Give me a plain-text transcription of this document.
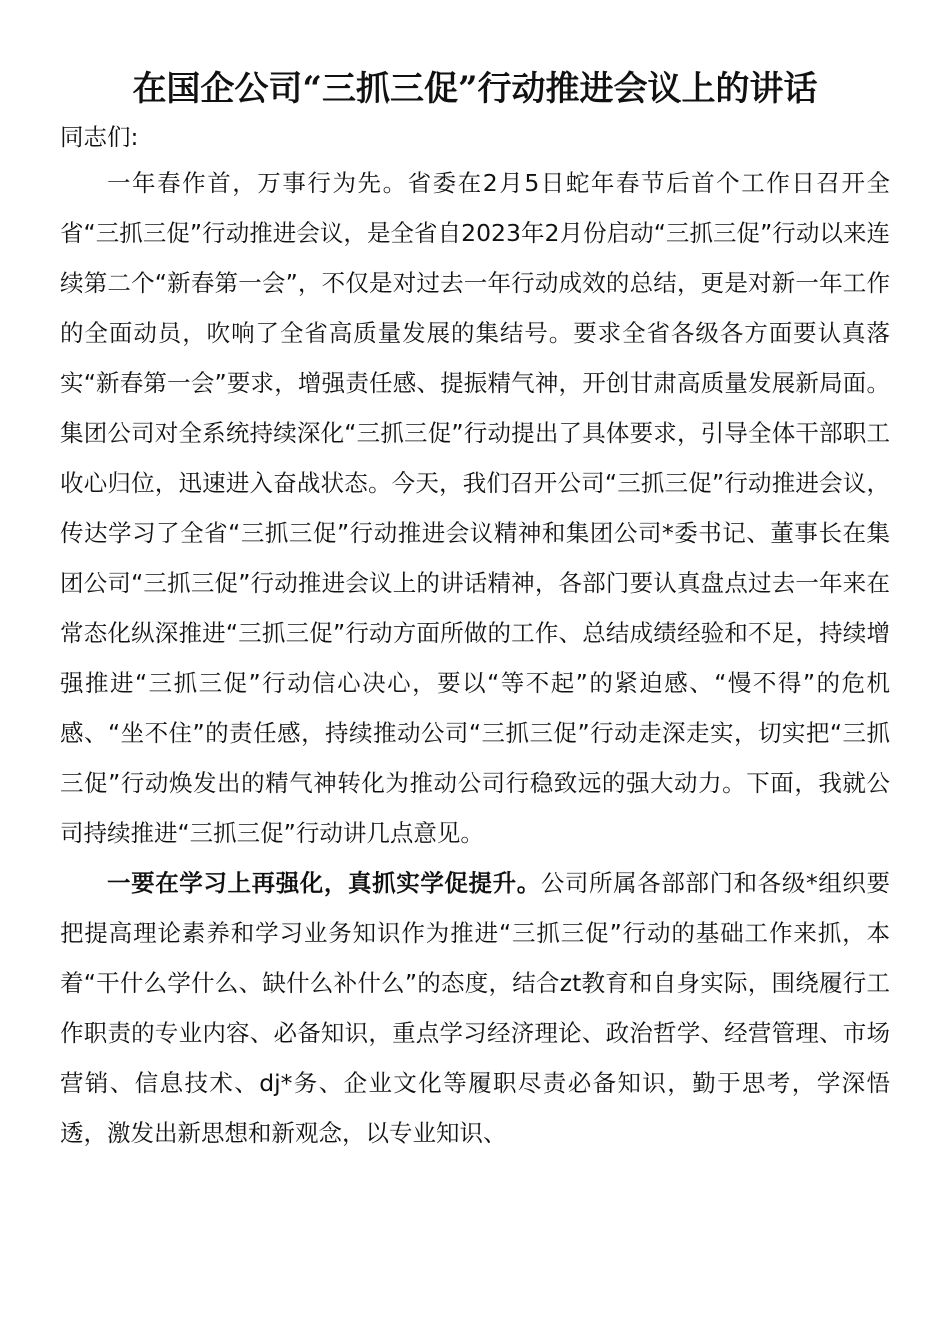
在国企公司“三抓三促”行动推进会议上的讲话

同志们:

一年春作首，万事行为先。省委在2月5日蛇年春节后首个工作日召开全省“三抓三促”行动推进会议，是全省自2023年2月份启动“三抓三促”行动以来连续第二个“新春第一会”，不仅是对过去一年行动成效的总结，更是对新一年工作的全面动员，吹响了全省高质量发展的集结号。要求全省各级各方面要认真落实“新春第一会”要求，增强责任感、提振精气神，开创甘肃高质量发展新局面。集团公司对全系统持续深化“三抓三促”行动提出了具体要求，引导全体干部职工收心归位，迅速进入奋战状态。今天，我们召开公司“三抓三促”行动推进会议，传达学习了全省“三抓三促”行动推进会议精神和集团公司*委书记、董事长在集团公司“三抓三促”行动推进会议上的讲话精神，各部门要认真盘点过去一年来在常态化纵深推进“三抓三促”行动方面所做的工作、总结成绩经验和不足，持续增强推进“三抓三促”行动信心决心，要以“等不起”的紧迫感、“慢不得”的危机感、“坐不住”的责任感，持续推动公司“三抓三促”行动走深走实，切实把“三抓三促”行动焕发出的精气神转化为推动公司行稳致远的强大动力。下面，我就公司持续推进“三抓三促”行动讲几点意见。

一要在学习上再强化，真抓实学促提升。公司所属各部部门和各级*组织要把提高理论素养和学习业务知识作为推进“三抓三促”行动的基础工作来抓，本着“干什么学什么、缺什么补什么”的态度，结合zt教育和自身实际，围绕履行工作职责的专业内容、必备知识，重点学习经济理论、政治哲学、经营管理、市场营销、信息技术、dj*务、企业文化等履职尽责必备知识，勤于思考，学深悟透，激发出新思想和新观念，以专业知识、
